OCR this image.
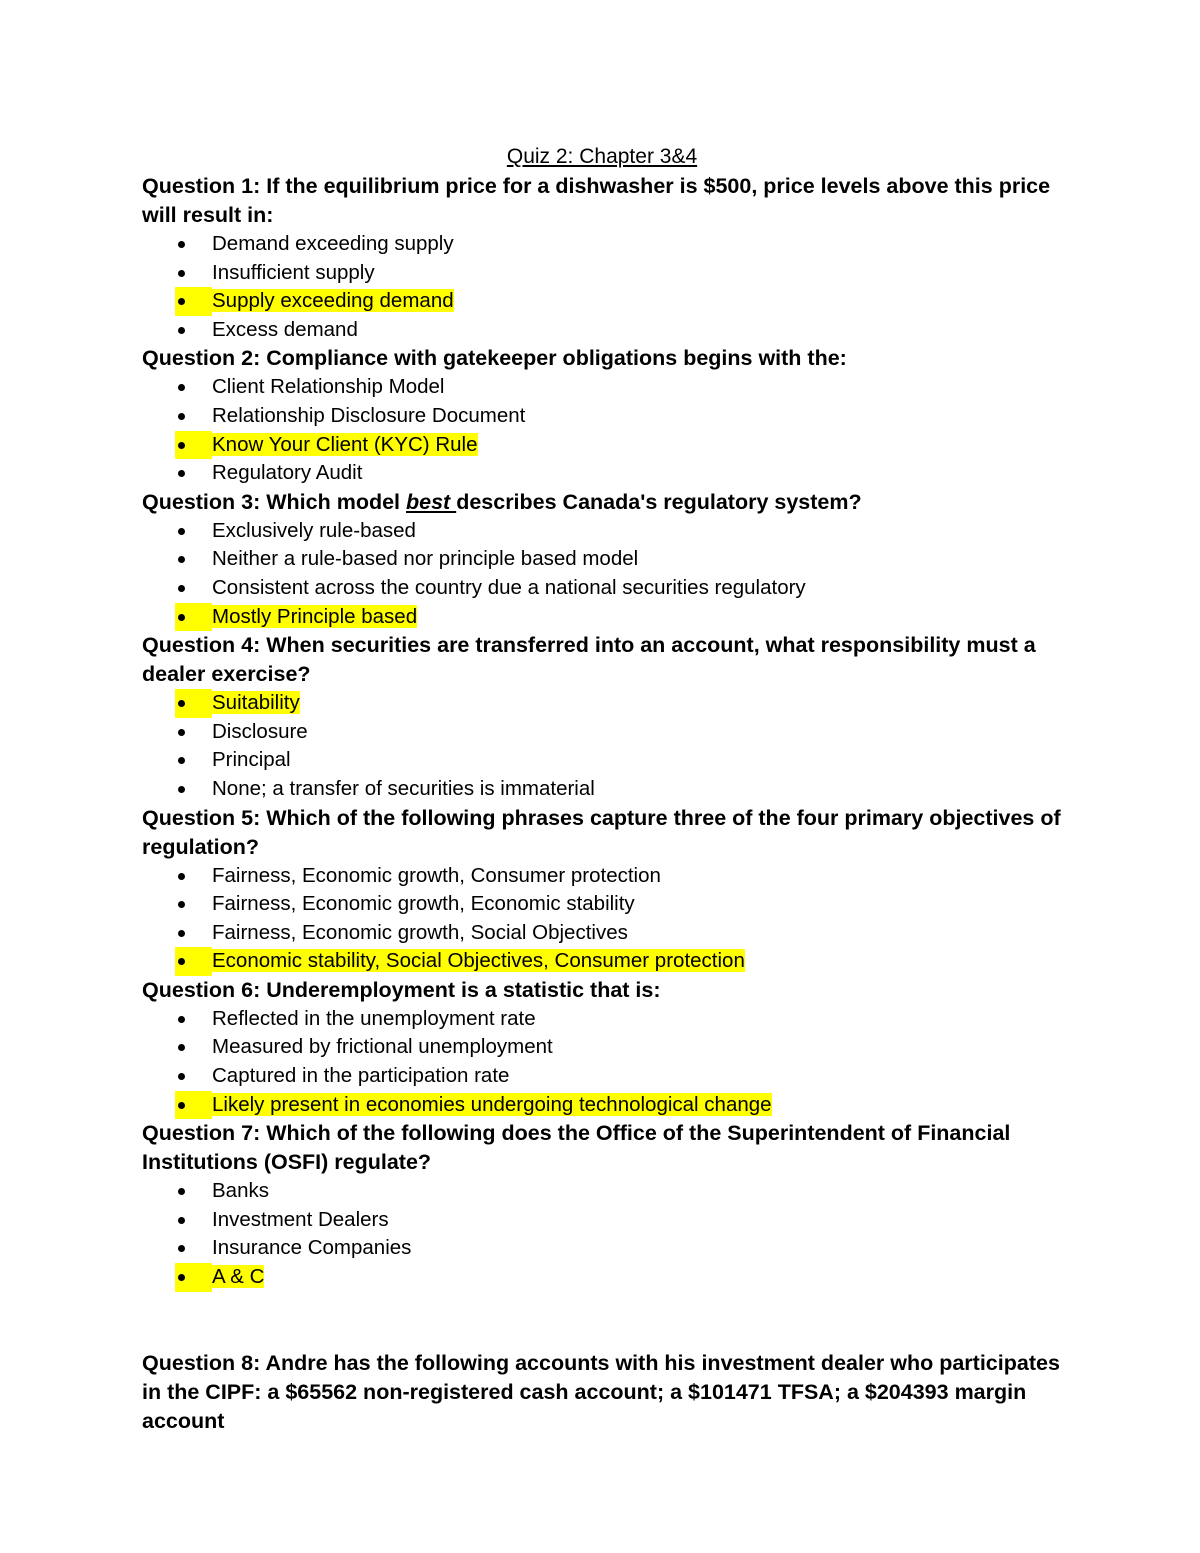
Quiz 2: Chapter 3&4

Question 1: If the equilibrium price for a dishwasher is $500, price levels above this price will result in:

Demand exceeding supply
Insufficient supply
Supply exceeding demand
Excess demand

Question 2: Compliance with gatekeeper obligations begins with the:

Client Relationship Model
Relationship Disclosure Document
Know Your Client (KYC) Rule
Regulatory Audit

Question 3: Which model best describes Canada's regulatory system?

Exclusively rule-based
Neither a rule-based nor principle based model
Consistent across the country due a national securities regulatory
Mostly Principle based

Question 4: When securities are transferred into an account, what responsibility must a dealer exercise?

Suitability
Disclosure
Principal
None; a transfer of securities is immaterial

Question 5: Which of the following phrases capture three of the four primary objectives of regulation?

Fairness, Economic growth, Consumer protection
Fairness, Economic growth, Economic stability
Fairness, Economic growth, Social Objectives
Economic stability, Social Objectives, Consumer protection

Question 6: Underemployment is a statistic that is:

Reflected in the unemployment rate
Measured by frictional unemployment
Captured in the participation rate
Likely present in economies undergoing technological change

Question 7: Which of the following does the Office of the Superintendent of Financial Institutions (OSFI) regulate?

Banks
Investment Dealers
Insurance Companies
A & C

Question 8: Andre has the following accounts with his investment dealer who participates in the CIPF: a $65562 non-registered cash account; a $101471 TFSA; a $204393 margin account
